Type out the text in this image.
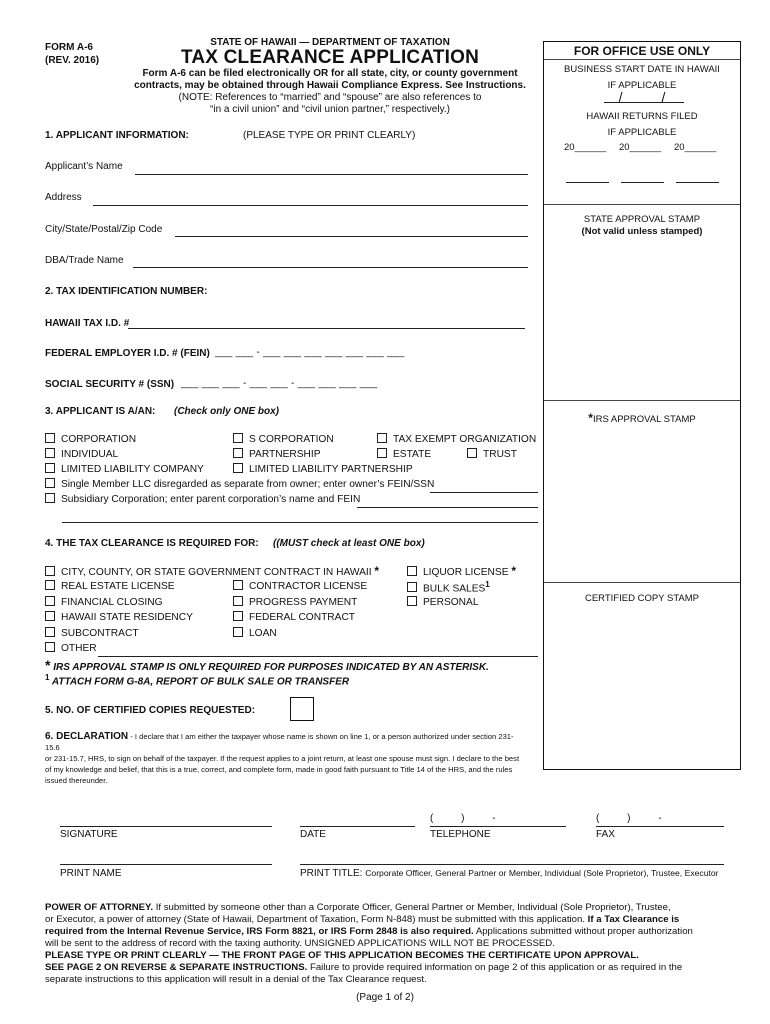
FORM A-6
(REV. 2016)
STATE OF HAWAII — DEPARTMENT OF TAXATION
TAX CLEARANCE APPLICATION
Form A-6 can be filed electronically OR for all state, city, or county government
contracts, may be obtained through Hawaii Compliance Express. See Instructions.
(NOTE: References to “married” and “spouse” are also references to
“in a civil union” and “civil union partner,” respectively.)
FOR OFFICE USE ONLY
BUSINESS START DATE IN HAWAII
IF APPLICABLE
/          /
HAWAII RETURNS FILED
IF APPLICABLE
20______ 20______ 20______
STATE APPROVAL STAMP
(Not valid unless stamped)
*IRS APPROVAL STAMP
CERTIFIED COPY STAMP
1. APPLICANT INFORMATION:	(PLEASE TYPE OR PRINT CLEARLY)
Applicant’s Name
Address
City/State/Postal/Zip Code
DBA/Trade Name
2. TAX IDENTIFICATION NUMBER:
HAWAII TAX I.D. #
FEDERAL EMPLOYER I.D. # (FEIN) ___ ___ - ___ ___ ___ ___ ___ ___ ___
SOCIAL SECURITY # (SSN) ___ ___ ___ - ___ ___ - ___ ___ ___ ___
3. APPLICANT IS A/AN: (Check only ONE box)
CORPORATION	S CORPORATION	TAX EXEMPT ORGANIZATION
INDIVIDUAL	PARTNERSHIP	ESTATE	TRUST
LIMITED LIABILITY COMPANY	LIMITED LIABILITY PARTNERSHIP
Single Member LLC disregarded as separate from owner; enter owner’s FEIN/SSN
Subsidiary Corporation; enter parent corporation’s name and FEIN
4. THE TAX CLEARANCE IS REQUIRED FOR: ((MUST check at least ONE box)
CITY, COUNTY, OR STATE GOVERNMENT CONTRACT IN HAWAII *	LIQUOR LICENSE *
REAL ESTATE LICENSE	CONTRACTOR LICENSE	BULK SALES$^1$
FINANCIAL CLOSING	PROGRESS PAYMENT	PERSONAL
HAWAII STATE RESIDENCY	FEDERAL CONTRACT
SUBCONTRACT	LOAN
OTHER
* IRS APPROVAL STAMP IS ONLY REQUIRED FOR PURPOSES INDICATED BY AN ASTERISK.
$^1$ ATTACH FORM G-8A, REPORT OF BULK SALE OR TRANSFER
5. NO. OF CERTIFIED COPIES REQUESTED:
6. DECLARATION - I declare that I am either the taxpayer whose name is shown on line 1, or a person authorized under section 231-15.6
or 231-15.7, HRS, to sign on behalf of the taxpayer. If the request applies to a joint return, at least one spouse must sign. I declare to the best
of my knowledge and belief, that this is a true, correct, and complete form, made in good faith pursuant to Title 14 of the HRS, and the rules
issued thereunder.
SIGNATURE	DATE
(          )          -
TELEPHONE
(          )          -
FAX
PRINT NAME	PRINT TITLE: Corporate Officer, General Partner or Member, Individual (Sole Proprietor), Trustee, Executor
POWER OF ATTORNEY. If submitted by someone other than a Corporate Officer, General Partner or Member, Individual (Sole Proprietor), Trustee,
or Executor, a power of attorney (State of Hawaii, Department of Taxation, Form N-848) must be submitted with this application. If a Tax Clearance is
required from the Internal Revenue Service, IRS Form 8821, or IRS Form 2848 is also required. Applications submitted without proper authorization
will be sent to the address of record with the taxing authority. UNSIGNED APPLICATIONS WILL NOT BE PROCESSED.
PLEASE TYPE OR PRINT CLEARLY — THE FRONT PAGE OF THIS APPLICATION BECOMES THE CERTIFICATE UPON APPROVAL.
SEE PAGE 2 ON REVERSE & SEPARATE INSTRUCTIONS. Failure to provide required information on page 2 of this application or as required in the
separate instructions to this application will result in a denial of the Tax Clearance request.
(Page 1 of 2)
